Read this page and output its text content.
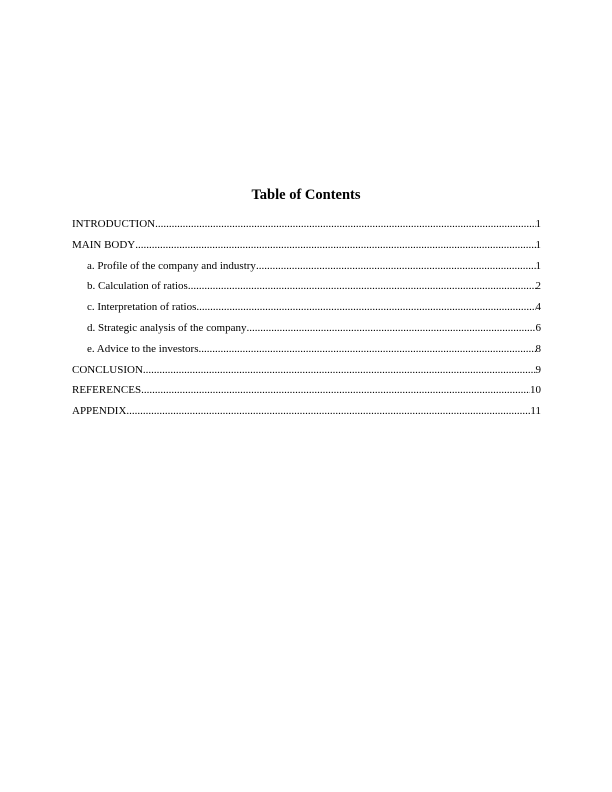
Table of Contents
INTRODUCTION .....	1
MAIN BODY .....	1
a. Profile of the company and industry .....	1
b. Calculation of ratios .....	2
c. Interpretation of ratios .....	4
d. Strategic analysis of the company .....	6
e. Advice to the investors .....	8
CONCLUSION .....	9
REFERENCES .....	10
APPENDIX .....	11
